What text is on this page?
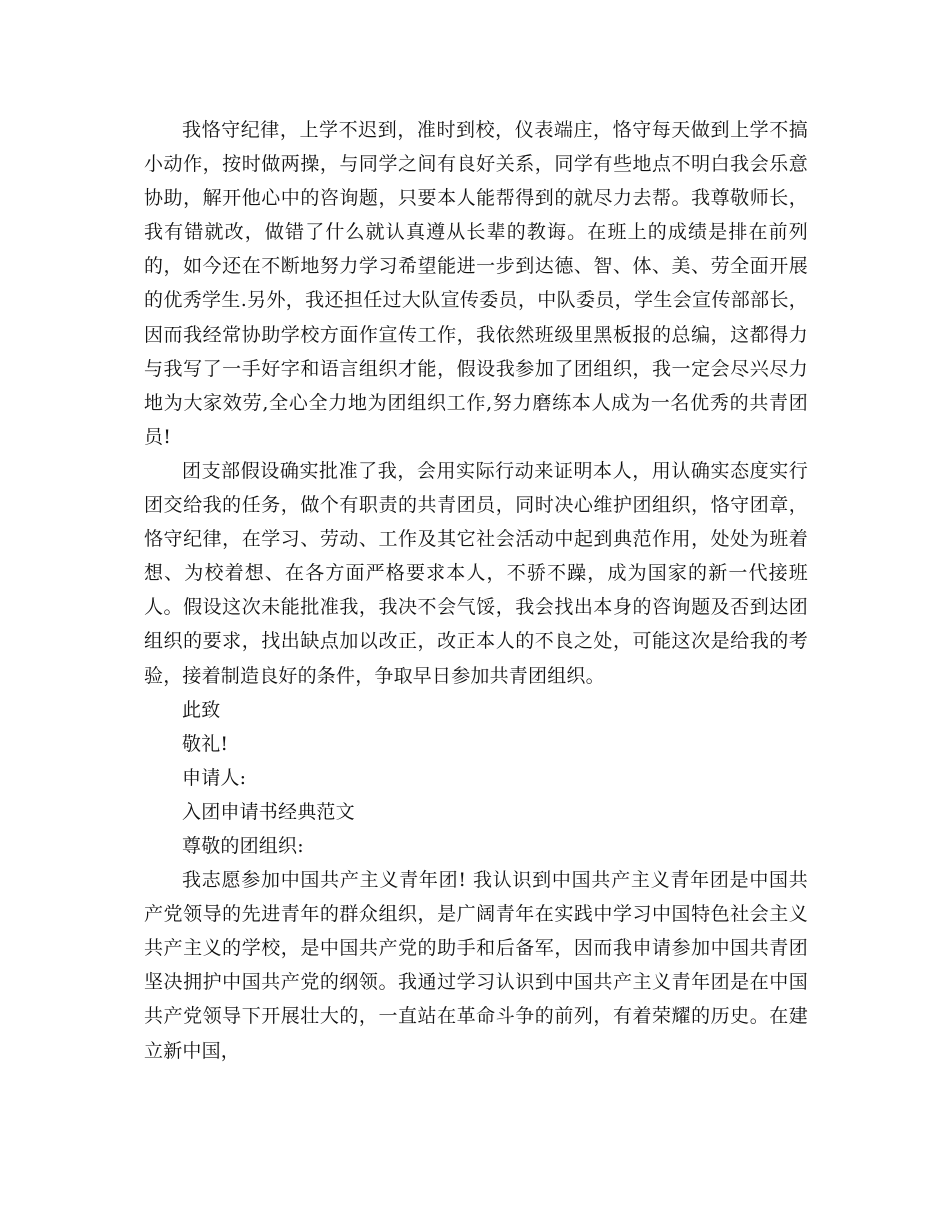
我恪守纪律，上学不迟到，准时到校，仪表端庄，恪守每天做到上学不搞小动作，按时做两操，与同学之间有良好关系，同学有些地点不明白我会乐意协助，解开他心中的咨询题，只要本人能帮得到的就尽力去帮。我尊敬师长，我有错就改，做错了什么就认真遵从长辈的教诲。在班上的成绩是排在前列的，如今还在不断地努力学习希望能进一步到达德、智、体、美、劳全面开展的优秀学生.另外，我还担任过大队宣传委员，中队委员，学生会宣传部部长，因而我经常协助学校方面作宣传工作，我依然班级里黑板报的总编，这都得力与我写了一手好字和语言组织才能，假设我参加了团组织，我一定会尽兴尽力地为大家效劳,全心全力地为团组织工作,努力磨练本人成为一名优秀的共青团员!

团支部假设确实批准了我，会用实际行动来证明本人，用认确实态度实行团交给我的任务，做个有职责的共青团员，同时决心维护团组织，恪守团章，恪守纪律，在学习、劳动、工作及其它社会活动中起到典范作用，处处为班着想、为校着想、在各方面严格要求本人，不骄不躁，成为国家的新一代接班人。假设这次未能批准我，我决不会气馁，我会找出本身的咨询题及否到达团组织的要求，找出缺点加以改正，改正本人的不良之处，可能这次是给我的考验，接着制造良好的条件，争取早日参加共青团组织。

此致

敬礼!

申请人:

入团申请书经典范文

尊敬的团组织:

我志愿参加中国共产主义青年团! 我认识到中国共产主义青年团是中国共产党领导的先进青年的群众组织，是广阔青年在实践中学习中国特色社会主义共产主义的学校，是中国共产党的助手和后备军，因而我申请参加中国共青团坚决拥护中国共产党的纲领。我通过学习认识到中国共产主义青年团是在中国共产党领导下开展壮大的，一直站在革命斗争的前列，有着荣耀的历史。在建立新中国，
